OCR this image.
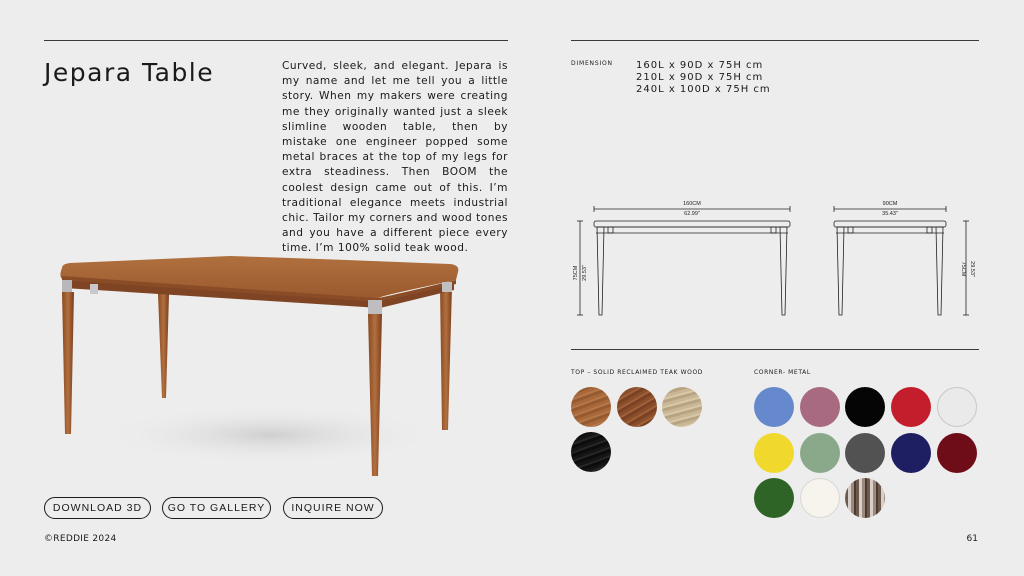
Jepara Table	Curved, sleek, and elegant. Jepara is my name and let me tell you a little story. When my makers were creating me they originally wanted just a sleek slimline wooden table, then by mistake one engineer popped some metal braces at the top of my legs for extra steadiness. Then BOOM the coolest design came out of this. I’m traditional elegance meets industrial chic. Tailor my corners and wood tones and you have a different piece every time. I’m 100% solid teak wood.

DOWNLOAD 3D	GO TO GALLERY	INQUIRE NOW
©REDDIE 2024	61
DIMENSION 160L x 90D x 75H cm
210L x 90D x 75H cm
240L x 100D x 75H cm
160CM
62.99"
90CM
35.43"
75CM 29.53"	75CM 29.53"
TOP – SOLID RECLAIMED TEAK WOOD	CORNER- METAL
